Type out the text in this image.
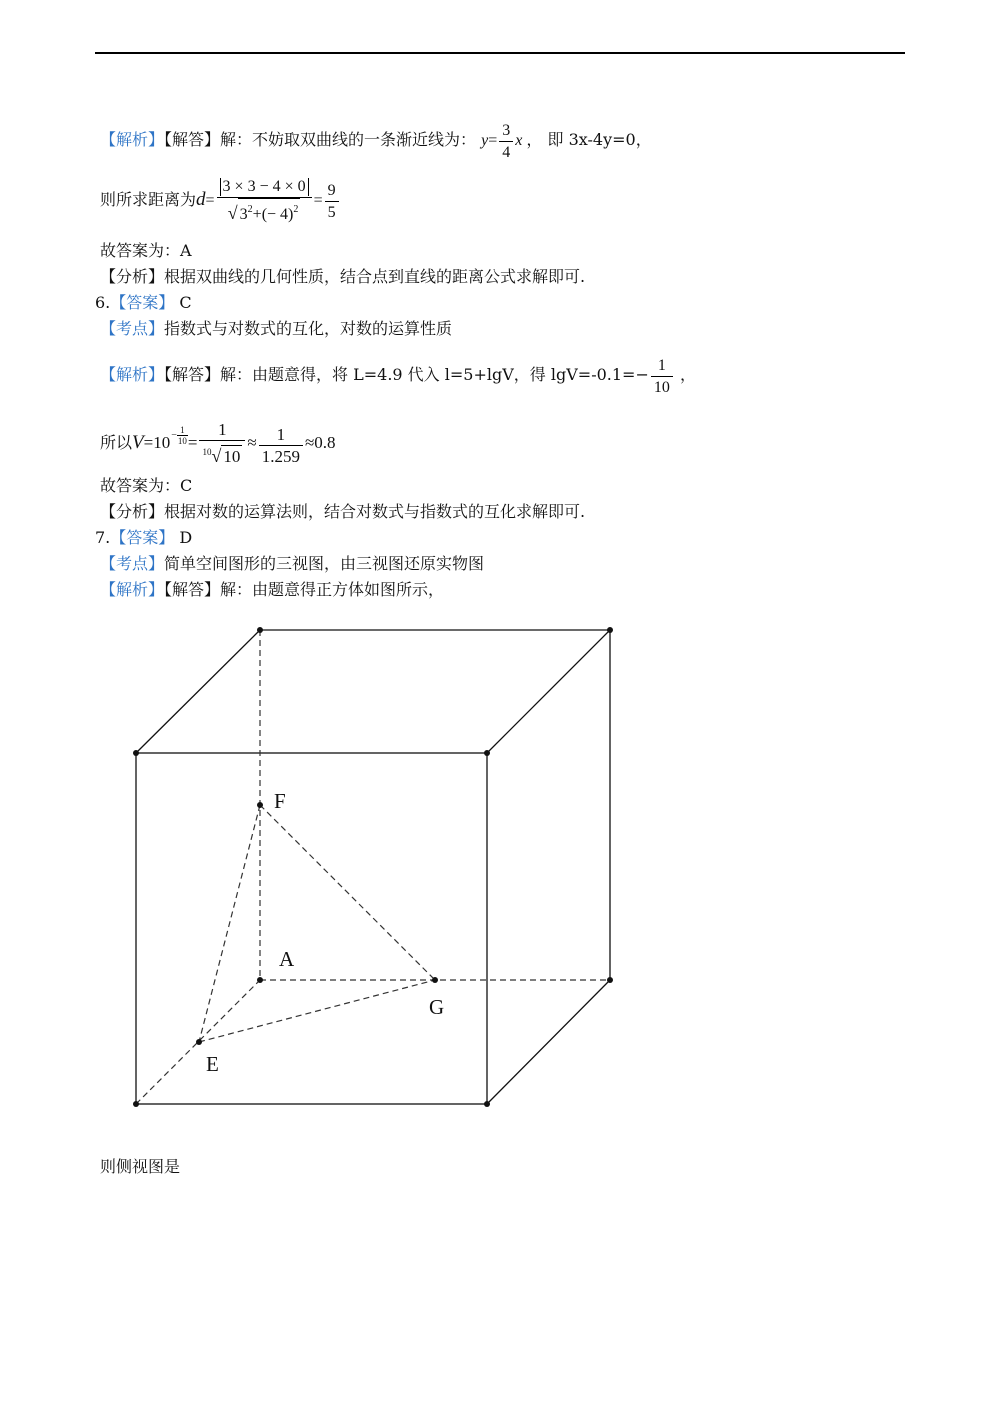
【解析】【解答】解：不妨取双曲线的一条渐近线为： $y= \frac{3}{4}$ x ， 即 3x-4y=0，
则所求距离为$d= \frac{3 \times 3 - 4 \times 0}{√ 3^2+(- 4)^2} = \frac{9}{5}$
故答案为：A
【分析】根据双曲线的几何性质，结合点到直线的距离公式求解即可.
6.【答案】 C
【考点】指数式与对数式的互化，对数的运算性质
【解析】【解答】解：由题意得，将 L=4.9 代入 l=5+lgV，得 $\lg V=-0.1=- \frac{1}{10}$ ，
所以$V=10- \frac{1}{10} = \frac{1}{^{10}√ 10} \approx \frac{1}{1.259} \approx 0.8$
故答案为：C
【分析】根据对数的运算法则，结合对数式与指数式的互化求解即可.
7.【答案】 D
【考点】简单空间图形的三视图，由三视图还原实物图
【解析】【解答】解：由题意得正方体如图所示，
F
A
G
E
则侧视图是
